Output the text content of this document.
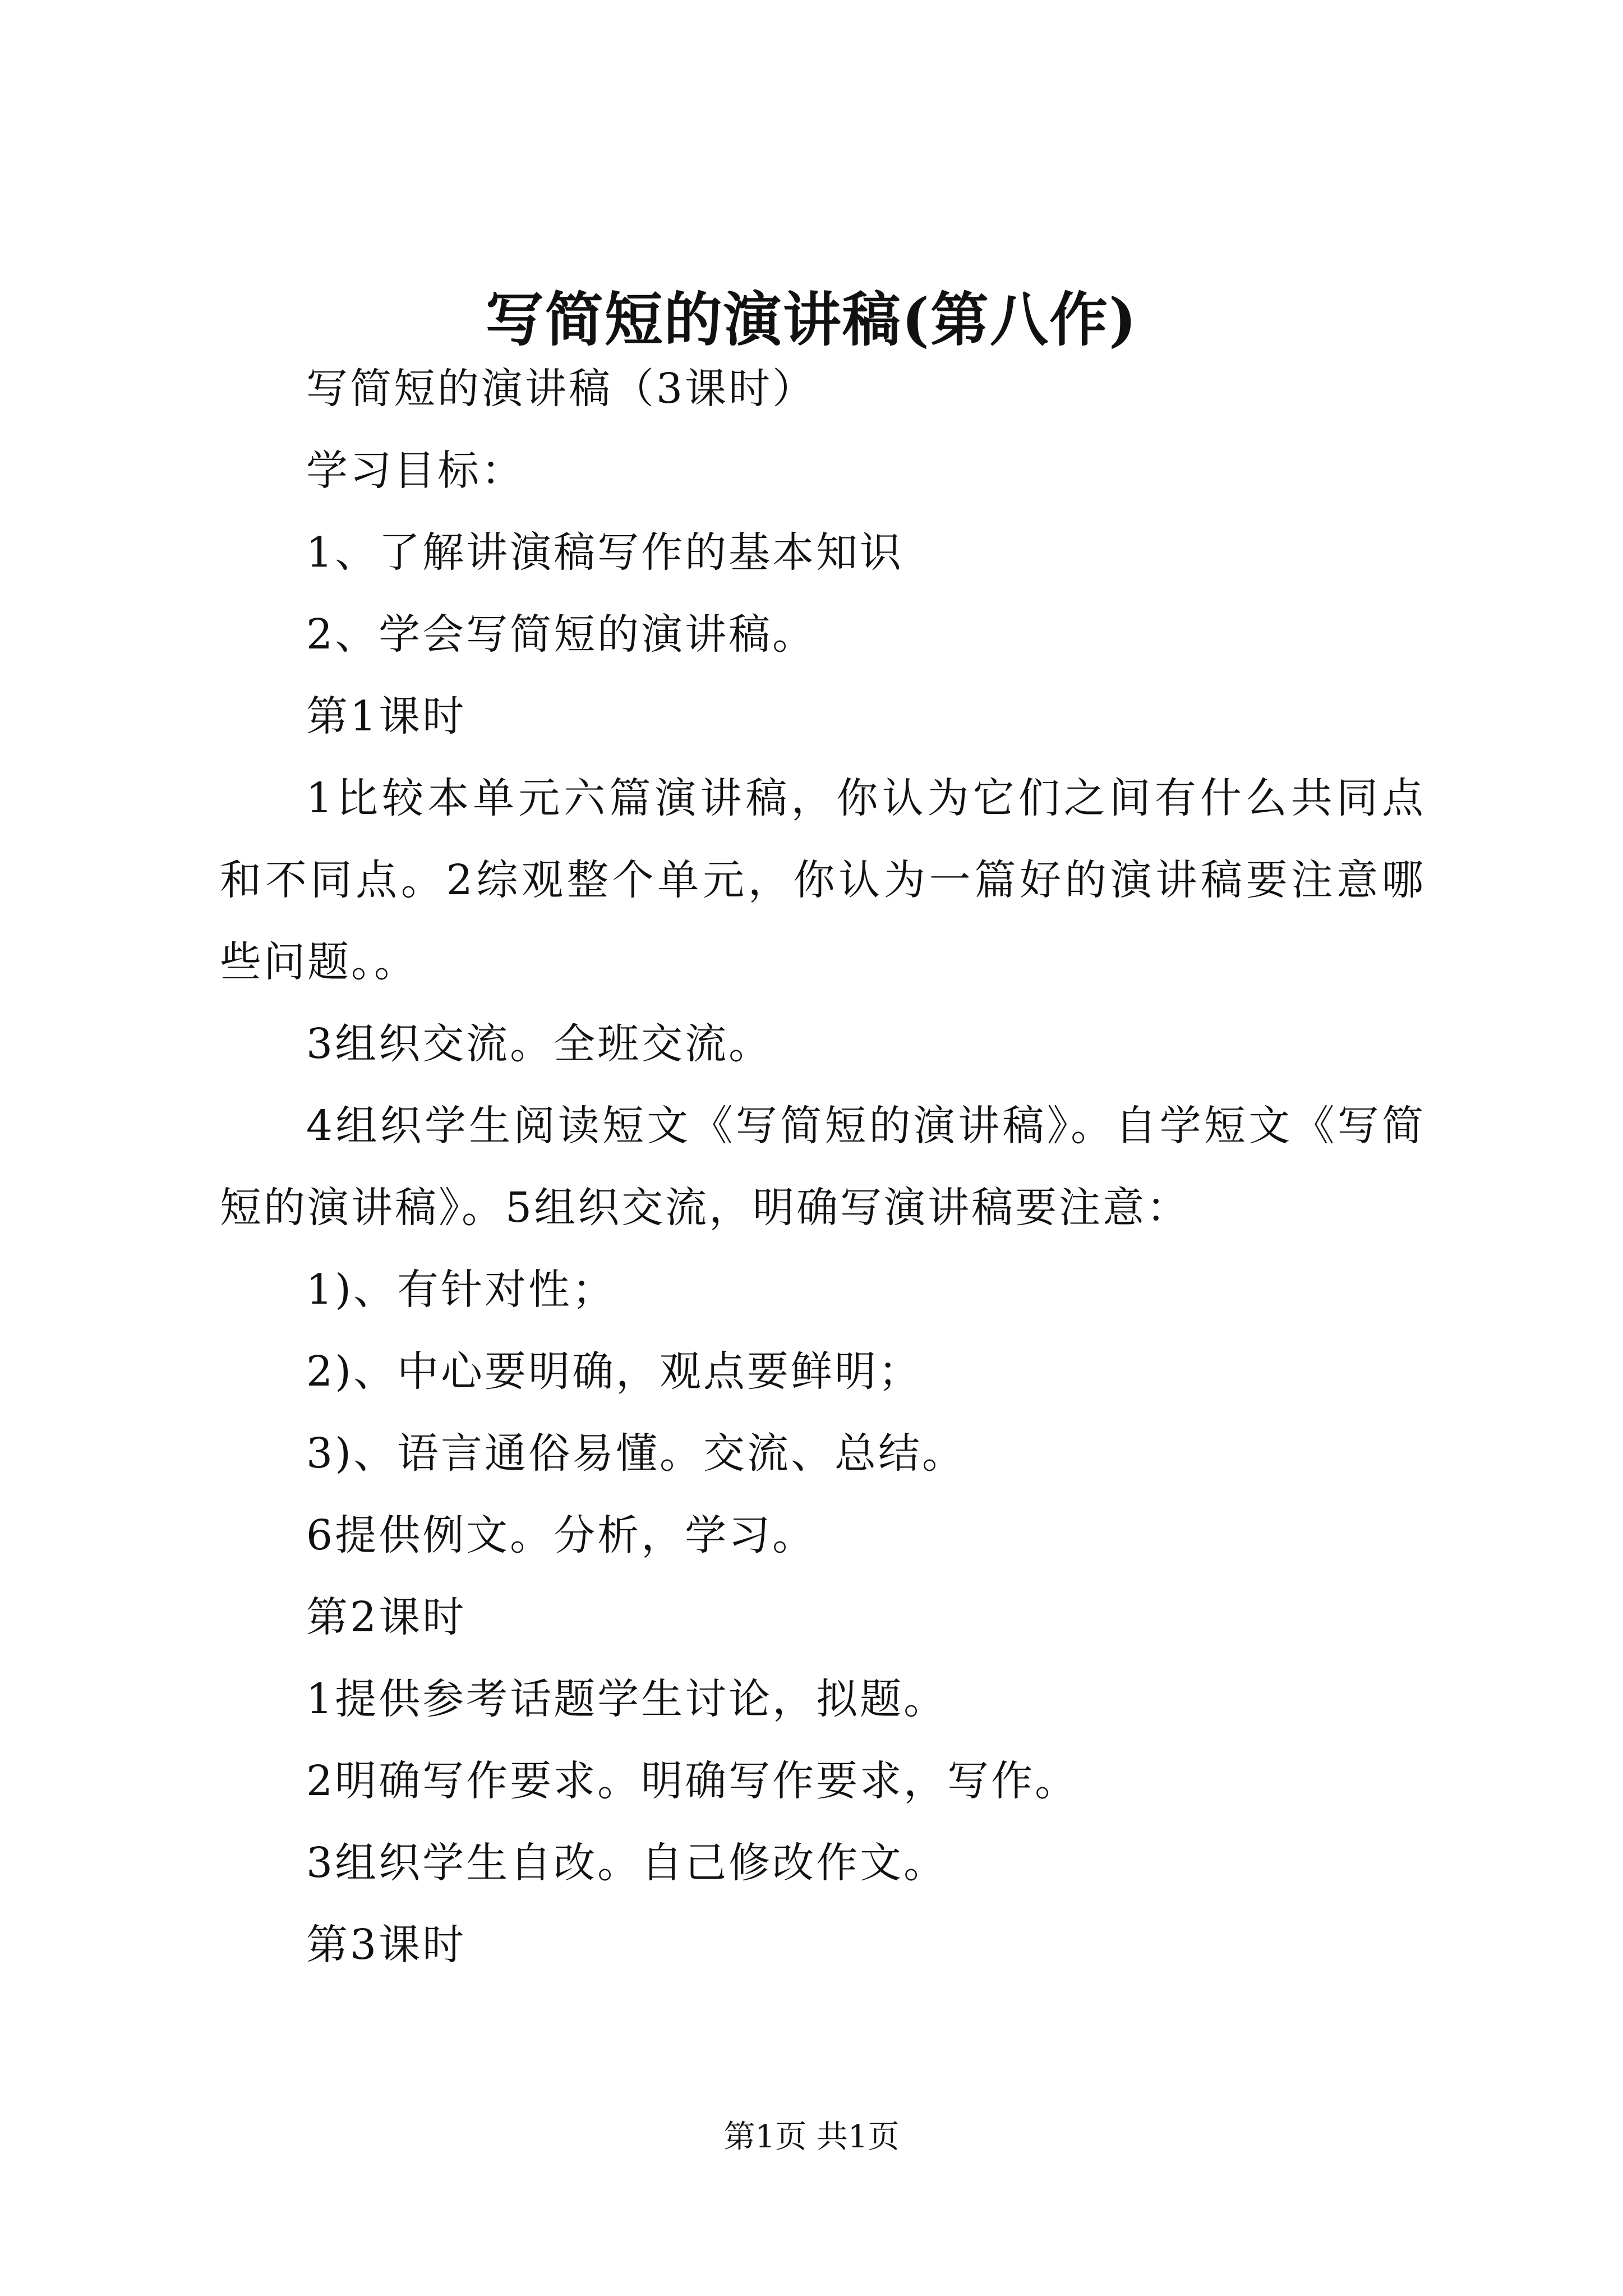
写简短的演讲稿(第八作)

写简短的演讲稿（3课时）

学习目标：

1、了解讲演稿写作的基本知识

2、学会写简短的演讲稿。

第1课时

1比较本单元六篇演讲稿，你认为它们之间有什么共同点和不同点。2综观整个单元，你认为一篇好的演讲稿要注意哪些问题。。

3组织交流。全班交流。

4组织学生阅读短文《写简短的演讲稿》。自学短文《写简短的演讲稿》。5组织交流，明确写演讲稿要注意：

1)、有针对性；

2)、中心要明确，观点要鲜明；

3)、语言通俗易懂。交流、总结。

6提供例文。分析，学习。

第2课时

1提供参考话题学生讨论，拟题。

2明确写作要求。明确写作要求，写作。

3组织学生自改。自己修改作文。

第3课时

第1页 共1页
